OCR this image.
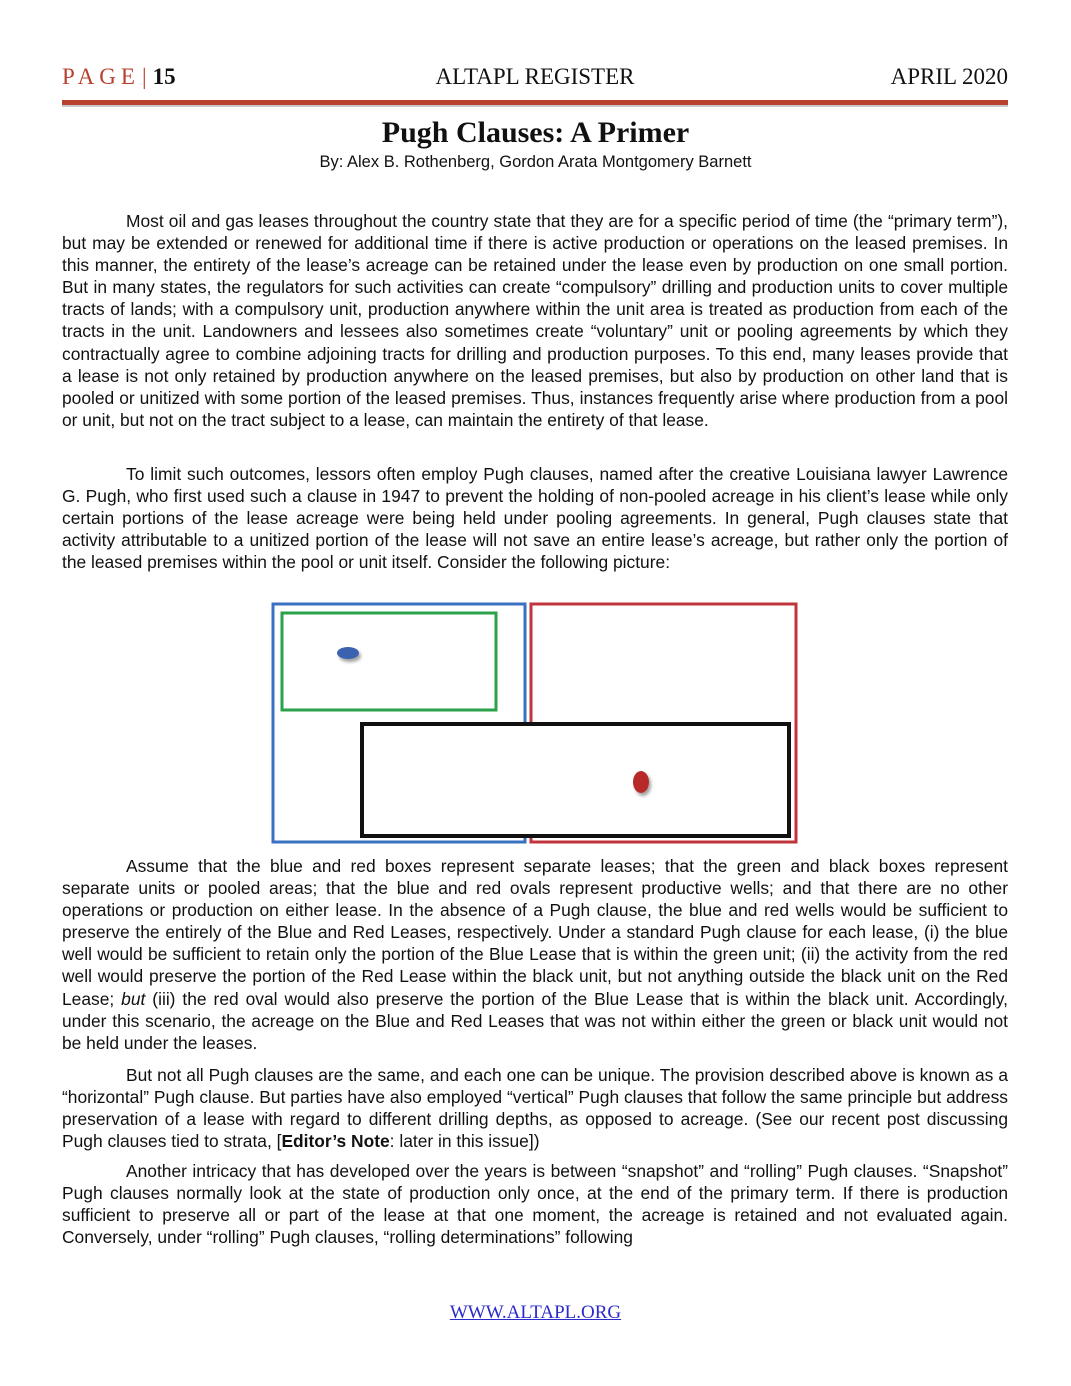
PAGE| 15	ALTAPL REGISTER	APRIL 2020
Pugh Clauses: A Primer
By: Alex B. Rothenberg, Gordon Arata Montgomery Barnett

Most oil and gas leases throughout the country state that they are for a specific period of time (the “primary term”), but may be extended or renewed for additional time if there is active production or operations on the leased premises. In this manner, the entirety of the lease’s acreage can be retained under the lease even by production on one small portion. But in many states, the regulators for such activities can create “compulsory” drilling and production units to cover multiple tracts of lands; with a compulsory unit, production anywhere within the unit area is treated as production from each of the tracts in the unit. Landowners and lessees also sometimes create “voluntary” unit or pooling agreements by which they contractually agree to combine adjoining tracts for drilling and production purposes. To this end, many leases provide that a lease is not only retained by production anywhere on the leased premises, but also by production on other land that is pooled or unitized with some portion of the leased premises. Thus, instances frequently arise where production from a pool or unit, but not on the tract subject to a lease, can maintain the entirety of that lease.

To limit such outcomes, lessors often employ Pugh clauses, named after the creative Louisiana lawyer Lawrence G. Pugh, who first used such a clause in 1947 to prevent the holding of non-pooled acreage in his client’s lease while only certain portions of the lease acreage were being held under pooling agreements. In general, Pugh clauses state that activity attributable to a unitized portion of the lease will not save an entire lease’s acreage, but rather only the portion of the leased premises within the pool or unit itself. Consider the following picture:

Assume that the blue and red boxes represent separate leases; that the green and black boxes represent separate units or pooled areas; that the blue and red ovals represent productive wells; and that there are no other operations or production on either lease. In the absence of a Pugh clause, the blue and red wells would be sufficient to preserve the entirely of the Blue and Red Leases, respectively. Under a standard Pugh clause for each lease, (i) the blue well would be sufficient to retain only the portion of the Blue Lease that is within the green unit; (ii) the activity from the red well would preserve the portion of the Red Lease within the black unit, but not anything outside the black unit on the Red Lease; but (iii) the red oval would also preserve the portion of the Blue Lease that is within the black unit. Accordingly, under this scenario, the acreage on the Blue and Red Leases that was not within either the green or black unit would not be held under the leases.

But not all Pugh clauses are the same, and each one can be unique. The provision described above is known as a “horizontal” Pugh clause. But parties have also employed “vertical” Pugh clauses that follow the same principle but address preservation of a lease with regard to different drilling depths, as opposed to acreage. (See our recent post discussing Pugh clauses tied to strata, [Editor’s Note: later in this issue])

Another intricacy that has developed over the years is between “snapshot” and “rolling” Pugh clauses. “Snapshot” Pugh clauses normally look at the state of production only once, at the end of the primary term. If there is production sufficient to preserve all or part of the lease at that one moment, the acreage is retained and not evaluated again. Conversely, under “rolling” Pugh clauses, “rolling determinations” following

WWW.ALTAPL.ORG
